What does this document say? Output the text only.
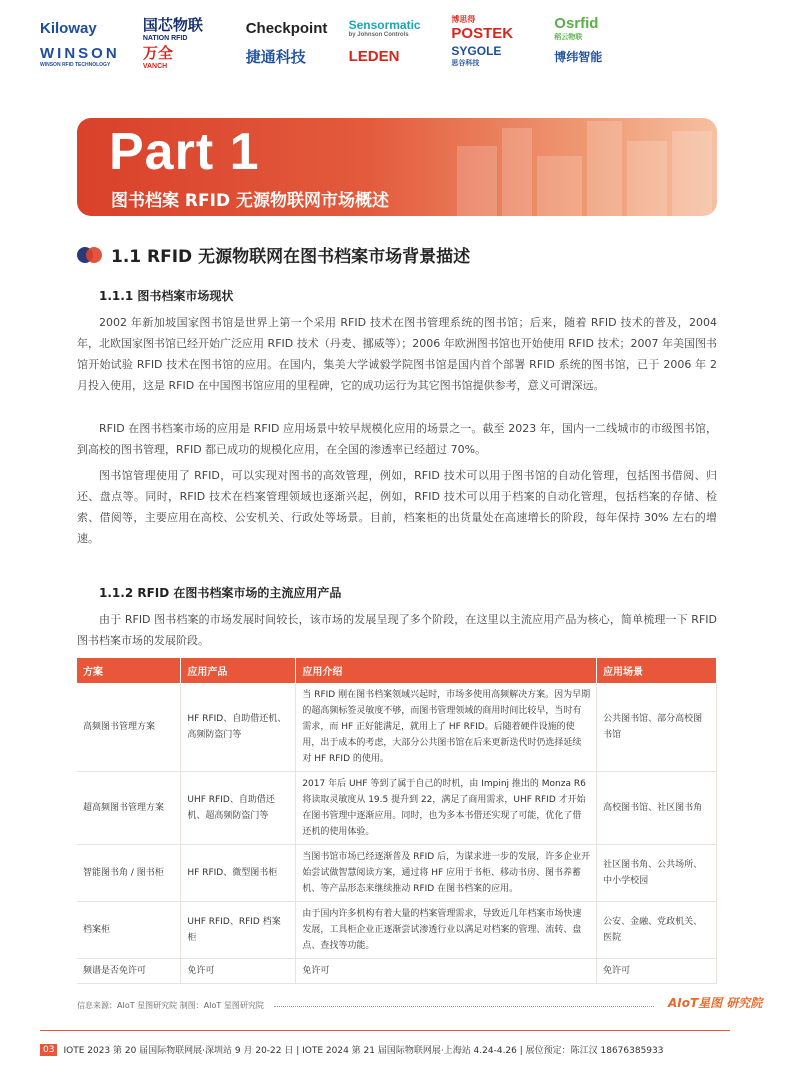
Kiloway	国芯物联
NATION RFID
Checkpoint	Sensormatic
by Johnson Controls
博思得
POSTEK
Osrfid
稻云物联
WINSON
WINSON RFID TECHNOLOGY
万全
VANCH
捷通科技	LEDEN	SYGOLE
思谷科技	博纬智能
Part 1
图书档案 RFID 无源物联网市场概述
1.1 RFID 无源物联网在图书档案市场背景描述
1.1.1 图书档案市场现状

2002 年新加坡国家图书馆是世界上第一个采用 RFID 技术在图书管理系统的图书馆；后来，随着 RFID 技术的普及，2004 年，北欧国家图书馆已经开始广泛应用 RFID 技术（丹麦、挪威等）；2006 年欧洲图书馆也开始使用 RFID 技术；2007 年美国图书馆开始试验 RFID 技术在图书馆的应用。在国内，集美大学诚毅学院图书馆是国内首个部署 RFID 系统的图书馆，已于 2006 年 2 月投入使用，这是 RFID 在中国图书馆应用的里程碑，它的成功运行为其它图书馆提供参考，意义可谓深远。

RFID 在图书档案市场的应用是 RFID 应用场景中较早规模化应用的场景之一。截至 2023 年，国内一二线城市的市级图书馆，到高校的图书管理，RFID 都已成功的规模化应用，在全国的渗透率已经超过 70%。

图书馆管理使用了 RFID，可以实现对图书的高效管理，例如，RFID 技术可以用于图书馆的自动化管理，包括图书借阅、归还、盘点等。同时，RFID 技术在档案管理领域也逐渐兴起，例如，RFID 技术可以用于档案的自动化管理，包括档案的存储、检索、借阅等，主要应用在高校、公安机关、行政处等场景。目前，档案柜的出货量处在高速增长的阶段，每年保持 30% 左右的增速。

1.1.2 RFID 在图书档案市场的主流应用产品

由于 RFID 图书档案的市场发展时间较长，该市场的发展呈现了多个阶段，在这里以主流应用产品为核心，简单梳理一下 RFID 图书档案市场的发展阶段。

方案	应用产品	应用介绍	应用场景
高频图书管理方案	HF RFID、自助借还机、高频防盗门等	当 RFID 刚在图书档案领域兴起时，市场多使用高频解决方案。因为早期的超高频标签灵敏度不够，而图书管理领域的商用时间比较早，当时有需求，而 HF 正好能满足，就用上了 HF RFID。后随着硬件设施的使用，出于成本的考虑，大部分公共图书馆在后来更新迭代时仍选择延续对 HF RFID 的使用。	公共图书馆、部分高校图书馆
超高频图书管理方案	UHF RFID、自助借还机、超高频防盗门等	2017 年后 UHF 等到了属于自己的时机，由 Impinj 推出的 Monza R6 将读取灵敏度从 19.5 提升到 22，满足了商用需求，UHF RFID 才开始在图书管理中逐渐应用。同时，也为多本书借还实现了可能，优化了借还机的使用体验。	高校图书馆、社区图书角
智能图书角 / 图书柜	HF RFID、微型图书柜	当图书馆市场已经逐渐普及 RFID 后，为谋求进一步的发展，许多企业开始尝试做智慧阅读方案，通过将 HF 应用于书柜、移动书房、图书养蓄机、等产品形态来继续推动 RFID 在图书档案的应用。	社区图书角、公共场所、中小学校园
档案柜	UHF RFID、RFID 档案柜	由于国内许多机构有着大量的档案管理需求，导致近几年档案市场快速发展，工具柜企业正逐渐尝试渗透行业以满足对档案的管理、流转、盘点、查找等功能。	公安、金融、党政机关、医院
频谱是否免许可	免许可	免许可	免许可
信息来源：AIoT 星图研究院 制图：AIoT 星图研究院	AIoT星图 研究院
03	IOTE 2023 第 20 届国际物联网展·深圳站 9 月 20-22 日 | IOTE 2024 第 21 届国际物联网展·上海站 4.24-4.26 | 展位预定：陈江汉 18676385933
